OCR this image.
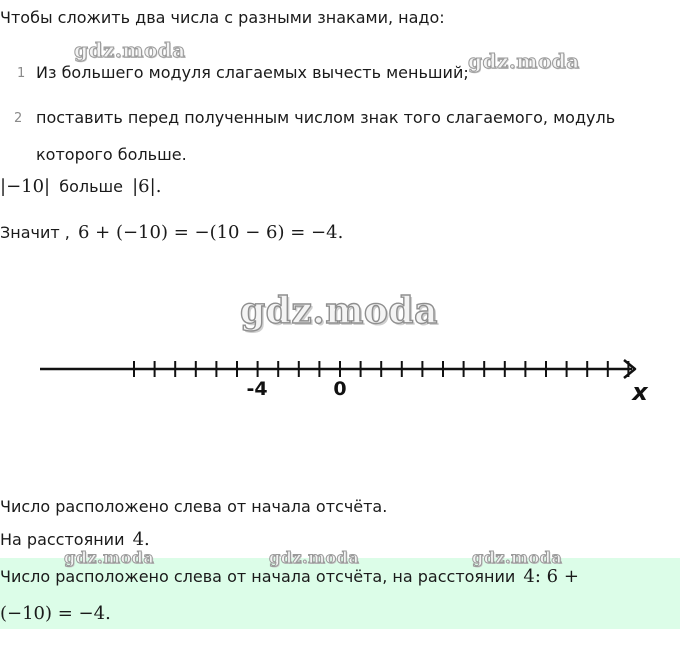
Чтобы сложить два числа с разными знаками, надо:
gdz.moda
1 Из большего модуля слагаемых вычесть меньший; gdz.moda
2 поставить перед полученным числом знак того слагаемого, модуль
которого больше.
|−10| больше |6|.
Значит , 6 + (−10) = −(10 − 6) = −4.
gdz.moda
-4	0	x
Число расположено слева от начала отсчёта.
На расстоянии 4.
gdz.moda	gdz.moda	gdz.moda
Число расположено слева от начала отсчёта, на расстоянии 4: 6 +
(−10) = −4.
